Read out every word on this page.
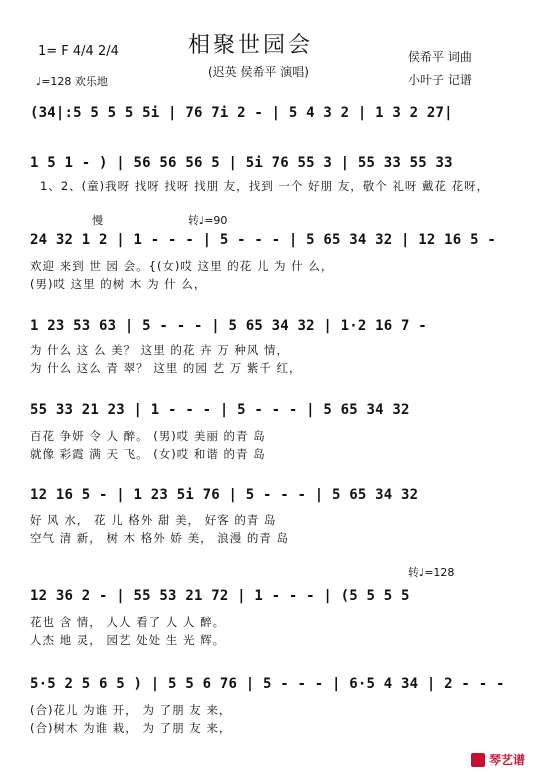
相聚世园会
(迟英 侯希平 演唱)
1= F 4/4 2/4
♩=128 欢乐地
侯希平 词曲
小叶子 记谱
(34|:5 5 5 5 5i | 76 7i 2 - | 5 4 3 2 | 1 3 2 27|
1 5 1 - ) | 56 56 56 5 | 5i 76 55 3 | 55 33 55 33
1、2、(童)我呀 找呀 找呀 找朋 友，找到 一个 好朋 友，敬个 礼呀 戴花 花呀，
慢	转♩=90
24 32 1 2 | 1 - - - | 5 - - - | 5 65 34 32 | 12 16 5 -
欢迎 来到 世 园 会。{(女)哎 这里 的花 儿 为 什 么，
(男)哎 这里 的树 木 为 什 么，
1 23 53 63 | 5 - - - | 5 65 34 32 | 1·2 16 7 -
为 什么 这 么 美？ 这里 的花 卉 万 种风 情，
为 什么 这么 青 翠？ 这里 的园 艺 万 紫千 红，
55 33 21 23 | 1 - - - | 5 - - - | 5 65 34 32
百花 争妍 令 人 醉。 (男)哎 美丽 的青 岛
就像 彩霞 满 天 飞。 (女)哎 和谐 的青 岛
12 16 5 - | 1 23 5i 76 | 5 - - - | 5 65 34 32
好 风 水， 花 儿 格外 甜 美， 好客 的青 岛
空气 清 新， 树 木 格外 娇 美， 浪漫 的青 岛
转♩=128
12 36 2 - | 55 53 21 72 | 1 - - - | (5 5 5 5
花也 含 情， 人人 看了 人 人 醉。
人杰 地 灵， 园艺 处处 生 光 辉。
5·5 2 5 6 5 ) | 5 5 6 76 | 5 - - - | 6·5 4 34 | 2 - - -
(合)花儿 为谁 开， 为 了朋 友 来，
(合)树木 为谁 栽， 为 了朋 友 来，
琴艺谱
